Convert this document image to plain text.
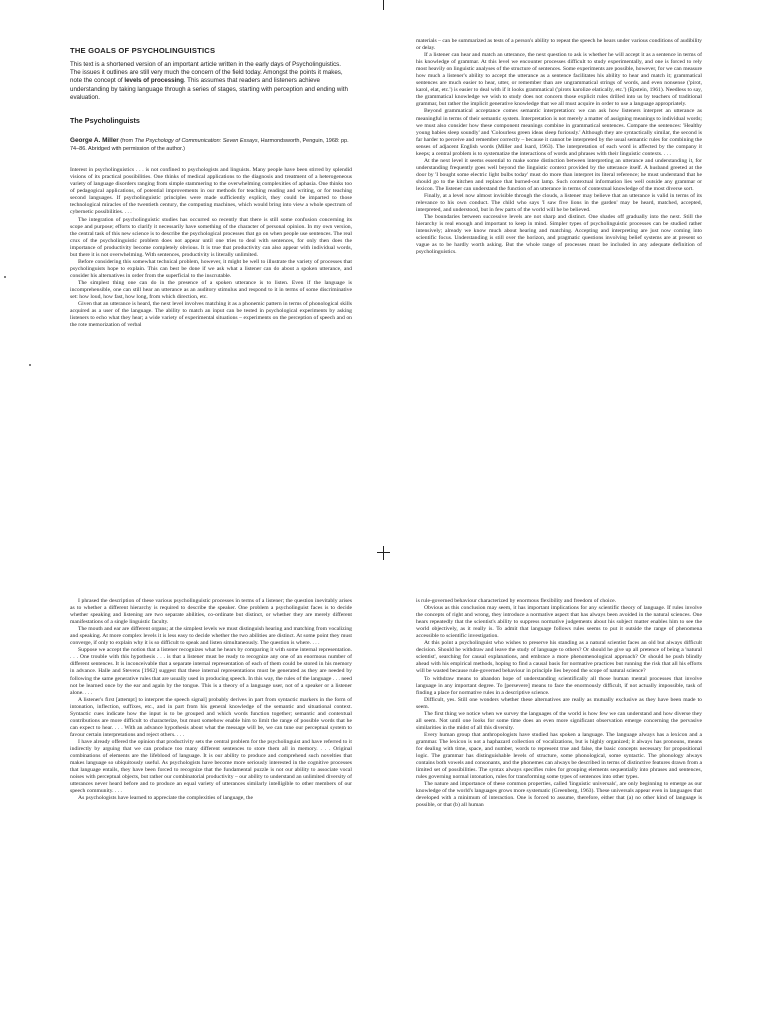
THE GOALS OF PSYCHOLINGUISTICS

This text is a shortened version of an important article written in the early days of Psycholinguistics. The issues it outlines are still very much the concern of the field today. Amongst the points it makes, note the concept of levels of processing. This assumes that readers and listeners achieve understanding by taking language through a series of stages, starting with perception and ending with evaluation.

The Psycholinguists

George A. Miller (from The Psychology of Communication: Seven Essays, Harmondsworth, Penguin, 1968: pp. 74–86. Abridged with permission of the author.)

Interest in psycholinguistics . . . is not confined to psychologists and linguists. Many people have been stirred by splendid visions of its practical possibilities. One thinks of medical applications to the diagnosis and treatment of a heterogeneous variety of language disorders ranging from simple stammering to the overwhelming complexities of aphasia. One thinks too of pedagogical applications, of potential improvements in our methods for teaching reading and writing, or for teaching second languages. If psycholinguistic principles were made sufficiently explicit, they could be imparted to those technological miracles of the twentieth century, the computing machines, which would bring into view a whole spectrum of cybernetic possibilities. . . .

The integration of psycholinguistic studies has occurred so recently that there is still some confusion concerning its scope and purpose; efforts to clarify it necessarily have something of the character of personal opinion. In my own version, the central task of this new science is to describe the psychological processes that go on when people use sentences. The real crux of the psycholinguistic problem does not appear until one tries to deal with sentences, for only then does the importance of productivity become completely obvious. It is true that productivity can also appear with individual words, but there it is not overwhelming. With sentences, productivity is literally unlimited.

Before considering this somewhat technical problem, however, it might be well to illustrate the variety of processes that psycholinguists hope to explain. This can best be done if we ask what a listener can do about a spoken utterance, and consider his alternatives in order from the superficial to the inscrutable.

The simplest thing one can do in the presence of a spoken utterance is to listen. Even if the language is incomprehensible, one can still hear an utterance as an auditory stimulus and respond to it in terms of some discriminative set: how loud, how fast, how long, from which direction, etc.

Given that an utterance is heard, the next level involves matching it as a phonemic pattern in terms of phonological skills acquired as a user of the language. The ability to match an input can be tested in psychological experiments by asking listeners to echo what they hear; a wide variety of experimental situations – experiments on the perception of speech and on the rote memorization of verbal

materials – can be summarized as tests of a person's ability to repeat the speech he hears under various conditions of audibility or delay.

If a listener can hear and match an utterance, the next question to ask is whether he will accept it as a sentence in terms of his knowledge of grammar. At this level we encounter processes difficult to study experimentally, and one is forced to rely most heavily on linguistic analyses of the structure of sentences. Some experiments are possible, however, for we can measure how much a listener's ability to accept the utterance as a sentence facilitates his ability to hear and match it; grammatical sentences are much easier to hear, utter, or remember than are ungrammatical strings of words, and even nonsense ('pirot, karol, elat, etc.') is easier to deal with if it looks grammatical ('pirots karolize elatically, etc.') (Epstein, 1961). Needless to say, the grammatical knowledge we wish to study does not concern those explicit rules drilled into us by teachers of traditional grammar, but rather the implicit generative knowledge that we all must acquire in order to use a language appropriately.

Beyond grammatical acceptance comes semantic interpretation: we can ask how listeners interpret an utterance as meaningful in terms of their semantic system. Interpretation is not merely a matter of assigning meanings to individual words; we must also consider how these component meanings combine in grammatical sentences. Compare the sentences: 'Healthy young babies sleep soundly' and 'Colourless green ideas sleep furiously.' Although they are syntactically similar, the second is far harder to perceive and remember correctly – because it cannot be interpreted by the usual semantic rules for combining the senses of adjacent English words (Miller and Isard, 1963). The interpretation of each word is affected by the company it keeps; a central problem is to systematize the interactions of words and phrases with their linguistic contexts. . . .

At the next level it seems essential to make some distinction between interpreting an utterance and understanding it, for understanding frequently goes well beyond the linguistic context provided by the utterance itself. A husband greeted at the door by 'I bought some electric light bulbs today' must do more than interpret its literal reference; he must understand that he should go to the kitchen and replace that burned-out lamp. Such contextual information lies well outside any grammar or lexicon. The listener can understand the function of an utterance in terms of contextual knowledge of the most diverse sort.

Finally, at a level now almost invisible through the clouds, a listener may believe that an utterance is valid in terms of its relevance to his own conduct. The child who says 'I saw five lions in the garden' may be heard, matched, accepted, interpreted, and understood, but in few parts of the world will he be believed.

The boundaries between successive levels are not sharp and distinct. One shades off gradually into the next. Still the hierarchy is real enough and important to keep in mind. Simpler types of psycholinguistic processes can be studied rather intensively; already we know much about hearing and matching. Accepting and interpreting are just now coming into scientific focus. Understanding is still over the horizon, and pragmatic questions involving belief systems are at present so vague as to be hardly worth asking. But the whole range of processes must be included in any adequate definition of psycholinguistics.

I phrased the description of these various psycholinguistic processes in terms of a listener; the question inevitably arises as to whether a different hierarchy is required to describe the speaker. One problem a psycholinguist faces is to decide whether speaking and listening are two separate abilities, co-ordinate but distinct, or whether they are merely different manifestations of a single linguistic faculty.

The mouth and ear are different organs; at the simplest levels we must distinguish hearing and matching from vocalizing and speaking. At more complex levels it is less easy to decide whether the two abilities are distinct. At some point they must converge, if only to explain why it is so difficult to speak and listen simultaneously. The question is where. . . .

Suppose we accept the notion that a listener recognizes what he hears by comparing it with some internal representation. . . . One trouble with this hypothesis . . . is that a listener must be ready to recognize any one of an enormous number of different sentences. It is inconceivable that a separate internal representation of each of them could be stored in his memory in advance. Halle and Stevens [1962] suggest that these internal representations must be generated as they are needed by following the same generative rules that are usually used in producing speech. In this way, the rules of the language . . . need not be learned once by the ear and again by the tongue. This is a theory of a language user, not of a speaker or a listener alone. . . .

A listener's first [attempt] to interpret the speech signal] probably derives in part from syntactic markers in the form of intonation, inflection, suffixes, etc., and in part from his general knowledge of the semantic and situational context. Syntactic cues indicate how the input is to be grouped and which words function together; semantic and contextual contributions are more difficult to characterize, but must somehow enable him to limit the range of possible words that he can expect to hear. . . . With an advance hypothesis about what the message will be, we can tune our perceptual system to favour certain interpretations and reject others. . . .

I have already offered the opinion that productivity sets the central problem for the psycholinguist and have referred to it indirectly by arguing that we can produce too many different sentences to store them all in memory. . . . Original combinations of elements are the lifeblood of language. It is our ability to produce and comprehend such novelties that makes language so ubiquitously useful. As psychologists have become more seriously interested in the cognitive processes that language entails, they have been forced to recognize that the fundamental puzzle is not our ability to associate vocal noises with perceptual objects, but rather our combinatorial productivity – our ability to understand an unlimited diversity of utterances never heard before and to produce an equal variety of utterances similarly intelligible to other members of our speech community. . . .

As psychologists have learned to appreciate the complexities of language, the

is rule-governed behaviour characterized by enormous flexibility and freedom of choice.

Obvious as this conclusion may seem, it has important implications for any scientific theory of language. If rules involve the concepts of right and wrong, they introduce a normative aspect that has always been avoided in the natural sciences. One hears repeatedly that the scientist's ability to suppress normative judgements about his subject matter enables him to see the world objectively, as it really is. To admit that language follows rules seems to put it outside the range of phenomena accessible to scientific investigation.

At this point a psycholinguist who wishes to preserve his standing as a natural scientist faces an old but always difficult decision. Should he withdraw and leave the study of language to others? Or should he give up all pretence of being a 'natural scientist', searching for causal explanations, and embrace a more phenomenological approach? Or should he push blindly ahead with his empirical methods, hoping to find a causal basis for normative practices but running the risk that all his efforts will be wasted because rule-governed behaviour in principle lies beyond the scope of natural science?

To withdraw means to abandon hope of understanding scientifically all those human mental processes that involve language in any important degree. To [persevere] means to face the enormously difficult, if not actually impossible, task of finding a place for normative rules in a descriptive science.

Difficult, yes. Still one wonders whether these alternatives are really as mutually exclusive as they have been made to seem.

The first thing we notice when we survey the languages of the world is how few we can understand and how diverse they all seem. Not until one looks for some time does an even more significant observation emerge concerning the pervasive similarities in the midst of all this diversity.

Every human group that anthropologists have studied has spoken a language. The language always has a lexicon and a grammar. The lexicon is not a haphazard collection of vocalizations, but is highly organized; it always has pronouns, means for dealing with time, space, and number, words to represent true and false, the basic concepts necessary for propositional logic. The grammar has distinguishable levels of structure, some phonological, some syntactic. The phonology always contains both vowels and consonants, and the phonemes can always be described in terms of distinctive features drawn from a limited set of possibilities. The syntax always specifies rules for grouping elements sequentially into phrases and sentences, rules governing normal intonation, rules for transforming some types of sentences into other types.

The nature and importance of these common properties, called 'linguistic universals', are only beginning to emerge as our knowledge of the world's languages grows more systematic (Greenberg, 1963). These universals appear even in languages that developed with a minimum of interaction. One is forced to assume, therefore, either that (a) no other kind of language is possible, or that (b) all human
